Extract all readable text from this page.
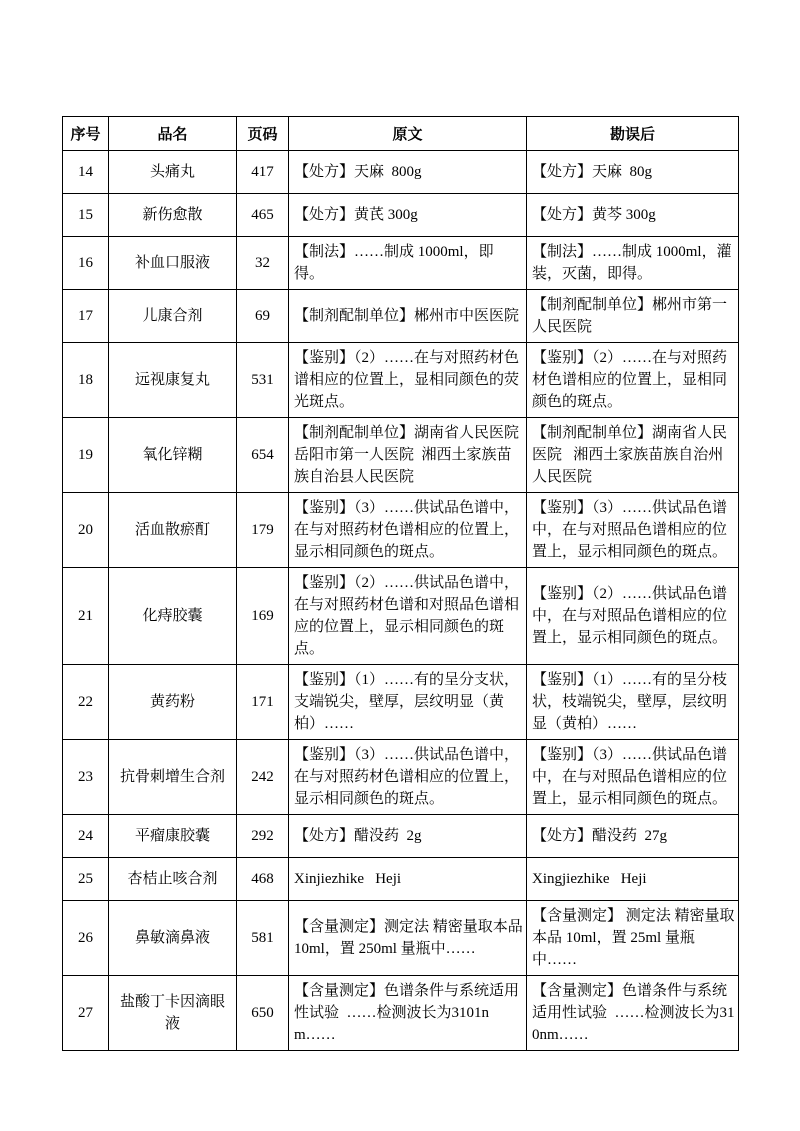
序号	品名	页码	原文	勘误后
14	头痛丸	417	【处方】天麻  800g	【处方】天麻  80g
15	新伤愈散	465	【处方】黄芪 300g	【处方】黄芩 300g
16	补血口服液	32	【制法】……制成 1000ml，即得。	【制法】……制成 1000ml，灌装，灭菌，即得。
17	儿康合剂	69	【制剂配制单位】郴州市中医医院	【制剂配制单位】郴州市第一人民医院
18	远视康复丸	531	【鉴别】（2）……在与对照药材色谱相应的位置上，显相同颜色的荧光斑点。	【鉴别】（2）……在与对照药材色谱相应的位置上，显相同颜色的斑点。
19	氧化锌糊	654	【制剂配制单位】湖南省人民医院  岳阳市第一人医院  湘西土家族苗族自治县人民医院	【制剂配制单位】湖南省人民医院   湘西土家族苗族自治州人民医院
20	活血散瘀酊	179	【鉴别】（3）……供试品色谱中，在与对照药材色谱相应的位置上，显示相同颜色的斑点。	【鉴别】（3）……供试品色谱中，在与对照品色谱相应的位置上，显示相同颜色的斑点。
21	化痔胶囊	169	【鉴别】（2）……供试品色谱中，在与对照药材色谱和对照品色谱相应的位置上，显示相同颜色的斑点。	【鉴别】（2）……供试品色谱中，在与对照品色谱相应的位置上，显示相同颜色的斑点。
22	黄药粉	171	【鉴别】（1）……有的呈分支状，支端锐尖，壁厚，层纹明显（黄柏）……	【鉴别】（1）……有的呈分枝状，枝端锐尖，壁厚，层纹明显（黄柏）……
23	抗骨刺增生合剂	242	【鉴别】（3）……供试品色谱中，在与对照药材色谱相应的位置上，显示相同颜色的斑点。	【鉴别】（3）……供试品色谱中，在与对照品色谱相应的位置上，显示相同颜色的斑点。
24	平瘤康胶囊	292	【处方】醋没药  2g	【处方】醋没药  27g
25	杏桔止咳合剂	468	Xinjiezhike   Heji	Xingjiezhike   Heji
26	鼻敏滴鼻液	581	【含量测定】测定法 精密量取本品 10ml，置 250ml 量瓶中……	【含量测定】 测定法 精密量取本品 10ml，置 25ml 量瓶中……
27	盐酸丁卡因滴眼液	650	【含量测定】色谱条件与系统适用性试验  ……检测波长为3101nm……	【含量测定】色谱条件与系统适用性试验  ……检测波长为310nm……
